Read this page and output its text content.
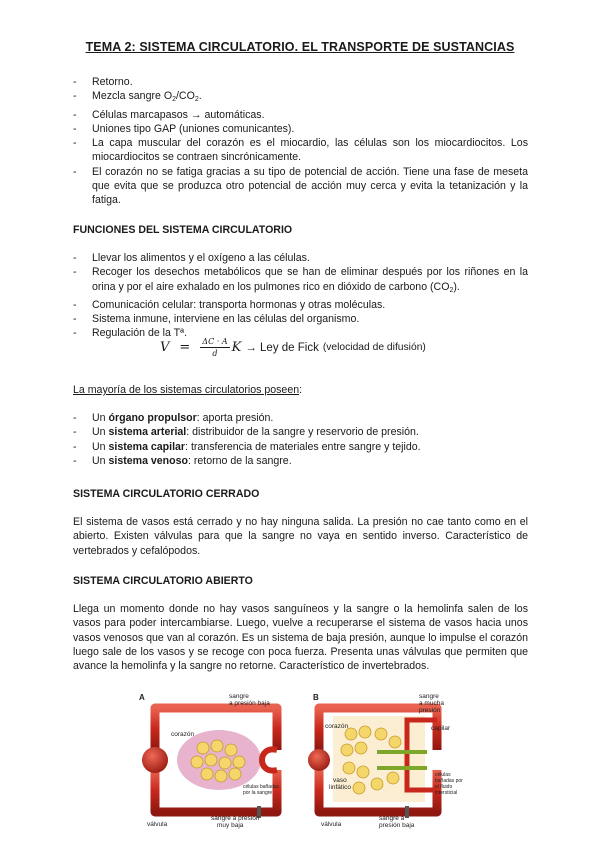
TEMA 2: SISTEMA CIRCULATORIO. EL TRANSPORTE DE SUSTANCIAS
- Retorno.
- Mezcla sangre $O_2/CO_2$.
- Células marcapasos → automáticas.
- Uniones tipo GAP (uniones comunicantes).
- La capa muscular del corazón es el miocardio, las células son los miocardiocitos. Los miocardiocitos se contraen sincrónicamente.
- El corazón no se fatiga gracias a su tipo de potencial de acción. Tiene una fase de meseta que evita que se produzca otro potencial de acción muy cerca y evita la tetanización y la fatiga.
FUNCIONES DEL SISTEMA CIRCULATORIO
- Llevar los alimentos y el oxígeno a las células.
- Recoger los desechos metabólicos que se han de eliminar después por los riñones en la orina y por el aire exhalado en los pulmones rico en dióxido de carbono $(CO_2)$.
- Comunicación celular: transporta hormonas y otras moléculas.
- Sistema inmune, interviene en las células del organismo.
- Regulación de la Tª.
$V = \frac{\Delta C \cdot A}{d}$ K → Ley de Fick (velocidad de difusión)

La mayoría de los sistemas circulatorios poseen:

- Un órgano propulsor: aporta presión.
- Un sistema arterial: distribuidor de la sangre y reservorio de presión.
- Un sistema capilar: transferencia de materiales entre sangre y tejido.
- Un sistema venoso: retorno de la sangre.
SISTEMA CIRCULATORIO CERRADO

El sistema de vasos está cerrado y no hay ninguna salida. La presión no cae tanto como en el abierto. Existen válvulas para que la sangre no vaya en sentido inverso. Característico de vertebrados y cefalópodos.

SISTEMA CIRCULATORIO ABIERTO

Llega un momento donde no hay vasos sanguíneos y la sangre o la hemolinfa salen de los vasos para poder intercambiarse. Luego, vuelve a recuperarse el sistema de vasos hacia unos vasos venosos que van al corazón. Es un sistema de baja presión, aunque lo impulse el corazón luego sale de los vasos y se recoge con poca fuerza. Presenta unas válvulas que permiten que avance la hemolinfa y la sangre no retorne. Característico de invertebrados.

A	sangre
a presión baja
corazón
células bañadas
por la sangre
válvula
sangre a presión
muy baja
B	sangre
a mucha
presión
corazón	capilar
vaso
linfático
células
bañadas por
el fluido
intersticial
válvula
sangre a
presión baja
